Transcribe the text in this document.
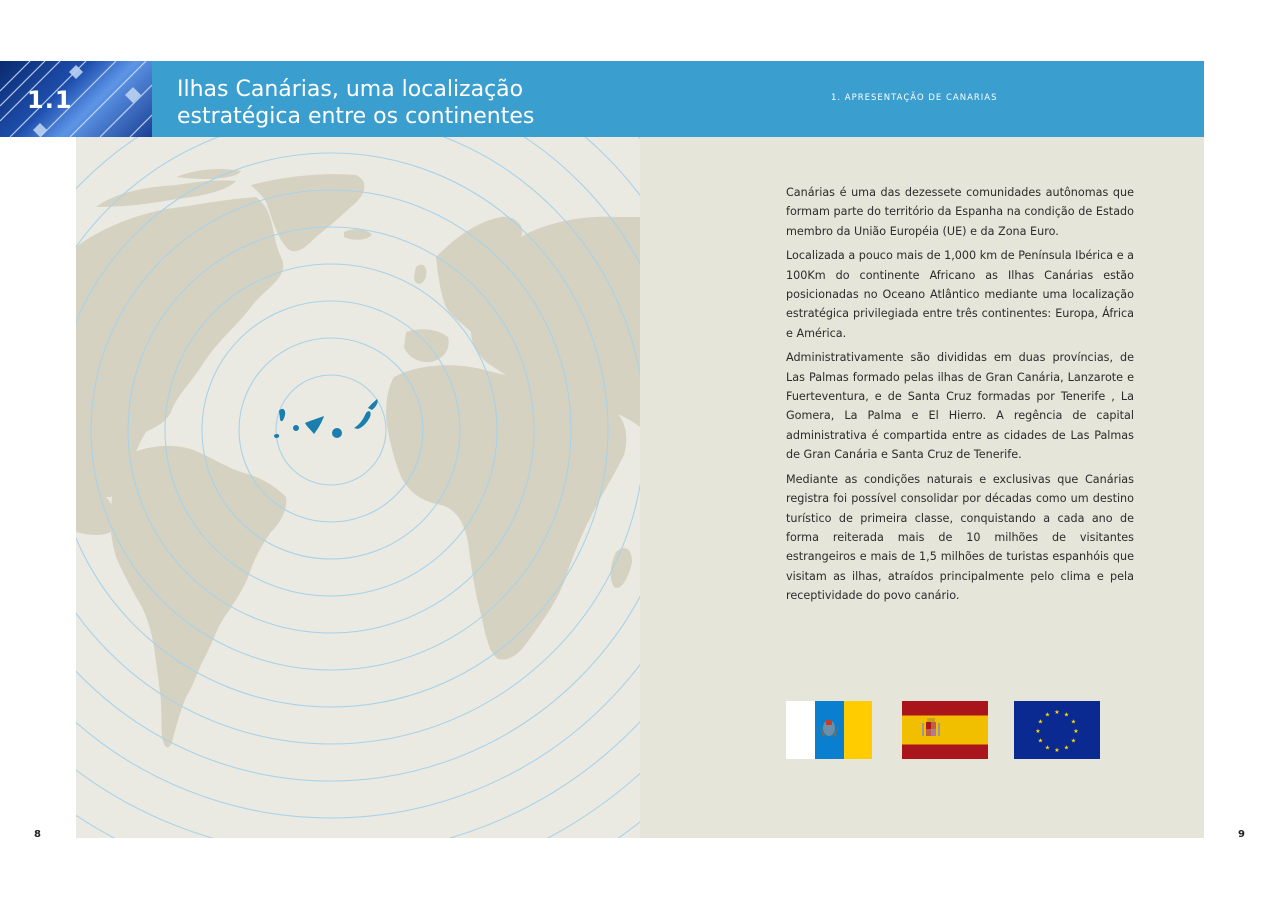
1.1	Ilhas Canárias, uma localização
estratégica entre os continentes
1. APRESENTAÇÃO DE CANARIAS

Canárias é uma das dezessete comunidades autônomas que formam parte do território da Espanha na condição de Estado membro da União Européia (UE) e da Zona Euro.

Localizada a pouco mais de 1,000 km de Península Ibérica e a 100Km do continente Africano as Ilhas Canárias estão posicionadas no Oceano Atlântico mediante uma localização estratégica privilegiada entre três continentes: Europa, África e América.

Administrativamente são divididas em duas províncias, de Las Palmas formado pelas ilhas de Gran Canária, Lanzarote e Fuerteventura, e de Santa Cruz formadas por Tenerife , La Gomera, La Palma e El Hierro. A regência de capital administrativa é compartida entre as cidades de Las Palmas de Gran Canária e Santa Cruz de Tenerife.

Mediante as condições naturais e exclusivas que Canárias registra foi possível consolidar por décadas como um destino turístico de primeira classe, conquistando a cada ano de forma reiterada mais de 10 milhões de visitantes estrangeiros e mais de 1,5 milhões de turistas espanhóis que visitam as ilhas, atraídos principalmente pelo clima e pela receptividade do povo canário.

★ ★
★
★
★
★
★
★
★
★
★
★
8	9
